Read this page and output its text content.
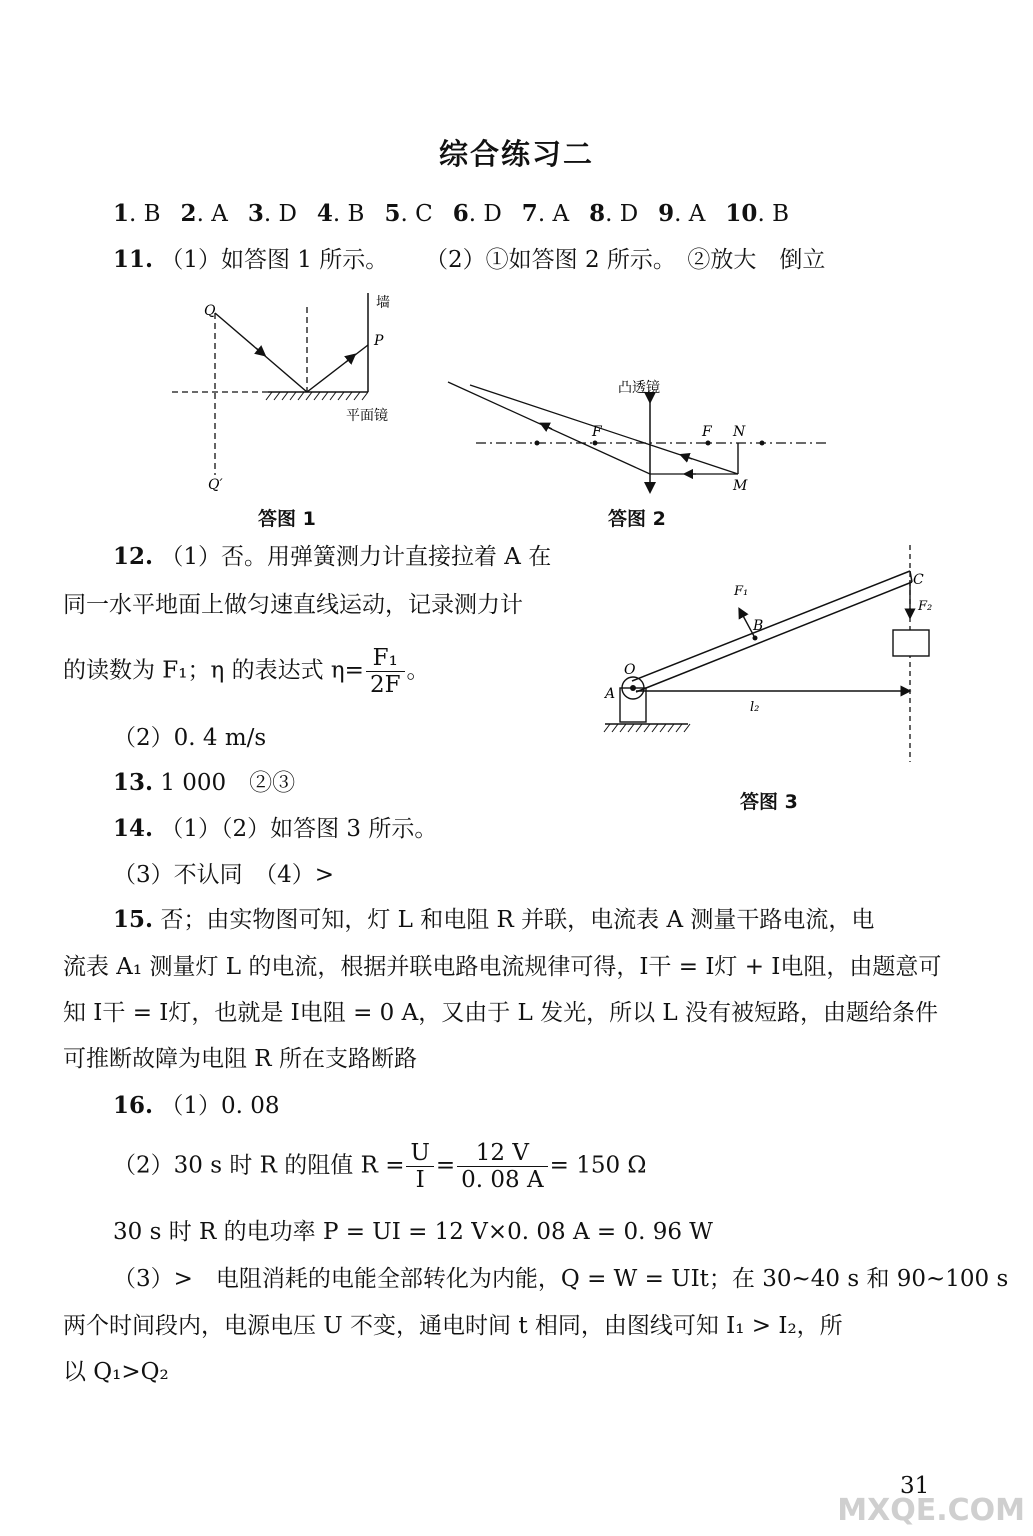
综合练习二
1. B 2. A 3. D 4. B 5. C 6. D 7. A 8. D 9. A 10. B
11. （1）如答图 1 所示。 （2）①如答图 2 所示。　②放大　倒立
Q
Q′
P
墙
平面镜
答图 1
凸透镜
F	F N
M
答图 2
12. （1）否。用弹簧测力计直接拉着 A 在
同一水平地面上做匀速直线运动，记录测力计
的读数为 F₁；η 的表达式 $\eta= \frac{\text{F₁}}{2F}$ 。
（2）0. 4 m/s
F₁
B
C
F₂
O
A
l₂
答图 3
13. 1 000　②③
14. （1）（2）如答图 3 所示。
（3）不认同　（4）>
15. 否；由实物图可知，灯 L 和电阻 R 并联，电流表 A 测量干路电流，电
流表 A₁ 测量灯 L 的电流，根据并联电路电流规律可得，I干 = I灯 + I电阻，由题意可
知 I干 = I灯，也就是 I电阻 = 0 A，又由于 L 发光，所以 L 没有被短路，由题给条件
可推断故障为电阻 R 所在支路断路
16. （1）0. 08
（2）30 s 时 R 的阻值 $R = \frac{U}{I} = \frac{12 V}{0. 08 A} = 150$ Ω
30 s 时 R 的电功率 P = UI = 12 V×0. 08 A = 0. 96 W
（3）>　电阻消耗的电能全部转化为内能，Q = W = UIt；在 30~40 s 和 90~100 s
两个时间段内，电源电压 U 不变，通电时间 t 相同，由图线可知 I₁ > I₂，所
以 Q₁>Q₂
31
MXQE.COM
